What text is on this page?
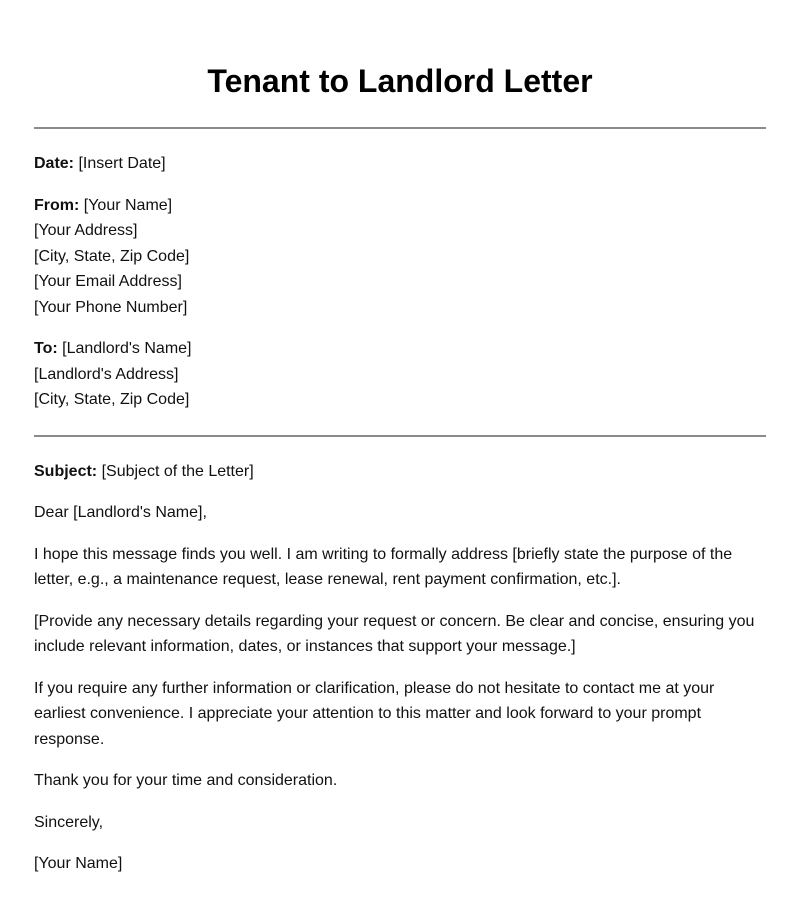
Tenant to Landlord Letter

Date: [Insert Date]

From: [Your Name]
[Your Address]
[City, State, Zip Code]
[Your Email Address]
[Your Phone Number]

To: [Landlord's Name]
[Landlord's Address]
[City, State, Zip Code]

Subject: [Subject of the Letter]

Dear [Landlord's Name],

I hope this message finds you well. I am writing to formally address [briefly state the purpose of the letter, e.g., a maintenance request, lease renewal, rent payment confirmation, etc.].

[Provide any necessary details regarding your request or concern. Be clear and concise, ensuring you include relevant information, dates, or instances that support your message.]

If you require any further information or clarification, please do not hesitate to contact me at your earliest convenience. I appreciate your attention to this matter and look forward to your prompt response.

Thank you for your time and consideration.

Sincerely,

[Your Name]
